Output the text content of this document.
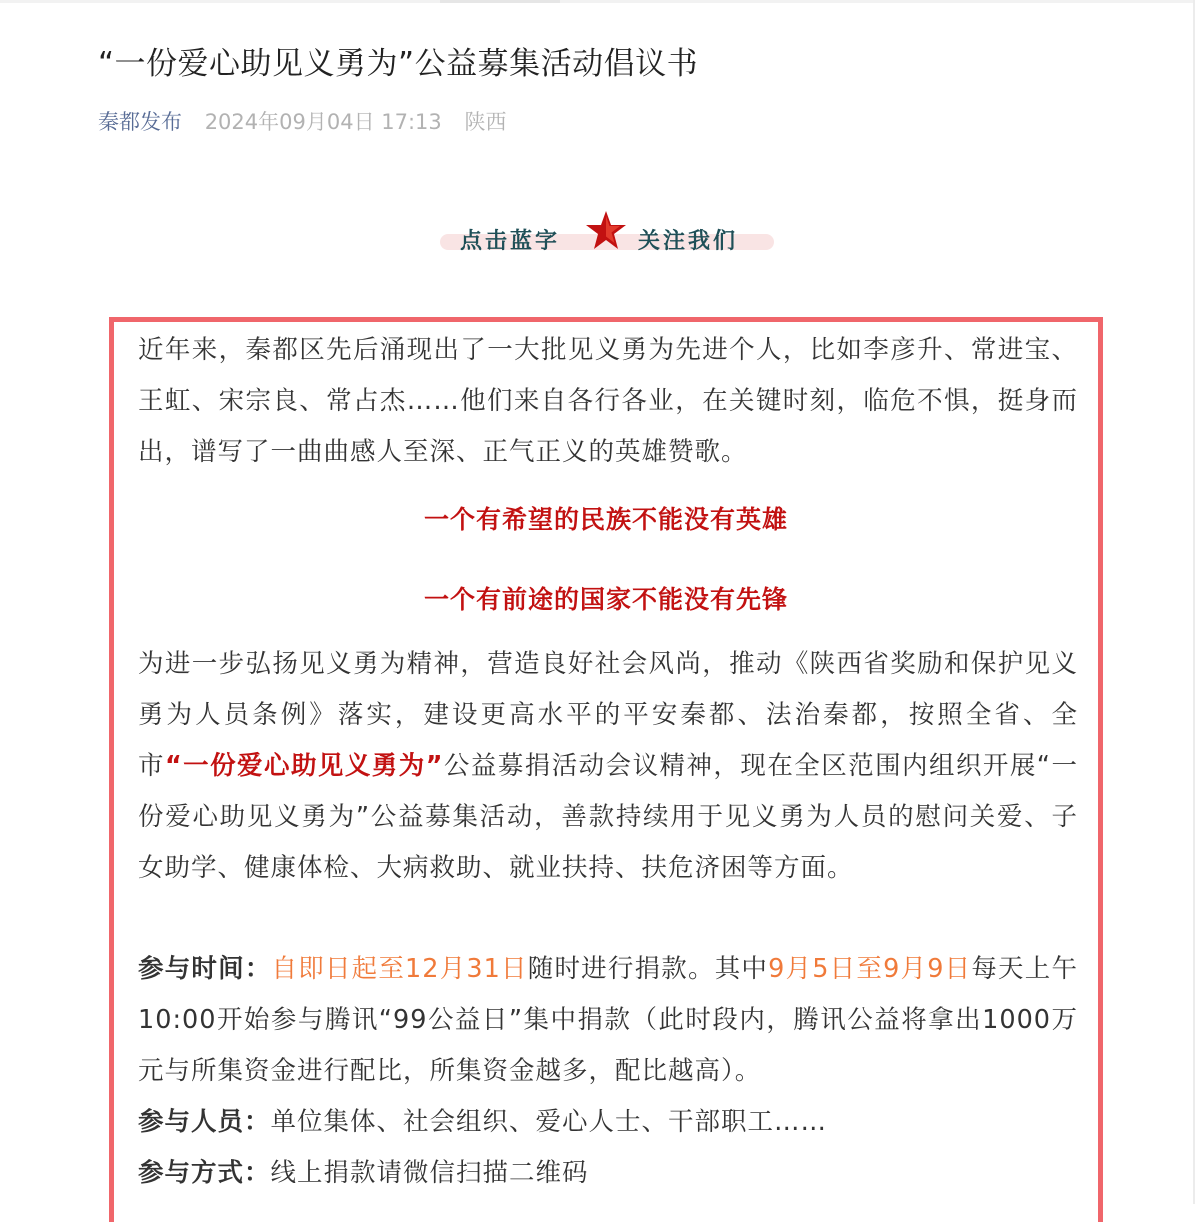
“一份爱心助见义勇为”公益募集活动倡议书
秦都发布 2024年09月04日 17:13 陕西
点击蓝字	关注我们

近年来，秦都区先后涌现出了一大批见义勇为先进个人，比如李彦升、常进宝、王虹、宋宗良、常占杰……他们来自各行各业，在关键时刻，临危不惧，挺身而出，谱写了一曲曲感人至深、正气正义的英雄赞歌。

一个有希望的民族不能没有英雄
一个有前途的国家不能没有先锋

为进一步弘扬见义勇为精神，营造良好社会风尚，推动《陕西省奖励和保护见义勇为人员条例》落实，建设更高水平的平安秦都、法治秦都，按照全省、全市“一份爱心助见义勇为”公益募捐活动会议精神，现在全区范围内组织开展“一份爱心助见义勇为”公益募集活动，善款持续用于见义勇为人员的慰问关爱、子女助学、健康体检、大病救助、就业扶持、扶危济困等方面。

参与时间：自即日起至12月31日随时进行捐款。其中9月5日至9月9日每天上午10:00开始参与腾讯“99公益日”集中捐款（此时段内，腾讯公益将拿出1000万元与所集资金进行配比，所集资金越多，配比越高）。

参与人员：单位集体、社会组织、爱心人士、干部职工……

参与方式：线上捐款请微信扫描二维码
